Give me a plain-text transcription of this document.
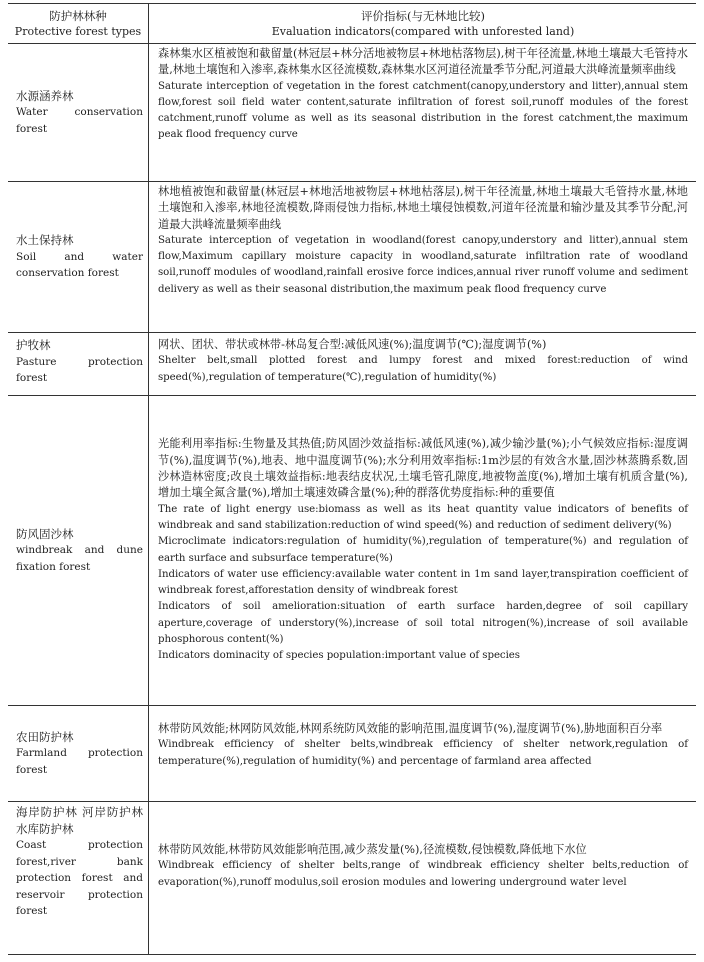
防护林林种
Protective forest types
评价指标(与无林地比较)
Evaluation indicators(compared with unforested land)
水源涵养林
Water conservation forest
森林集水区植被饱和截留量(林冠层+林分活地被物层+林地枯落物层),树干年径流量,林地土壤最大毛管持水量,林地土壤饱和入渗率,森林集水区径流模数,森林集水区河道径流量季节分配,河道最大洪峰流量频率曲线
Saturate interception of vegetation in the forest catchment(canopy,understory and litter),annual stem flow,forest soil field water content,saturate infiltration of forest soil,runoff modules of the forest catchment,runoff volume as well as its seasonal distribution in the forest catchment,the maximum peak flood frequency curve
水土保持林
Soil and water conservation forest
林地植被饱和截留量(林冠层+林地活地被物层+林地枯落层),树干年径流量,林地土壤最大毛管持水量,林地土壤饱和入渗率,林地径流模数,降雨侵蚀力指标,林地土壤侵蚀模数,河道年径流量和输沙量及其季节分配,河道最大洪峰流量频率曲线
Saturate interception of vegetation in woodland(forest canopy,understory and litter),annual stem flow,Maximum capillary moisture capacity in woodland,saturate infiltration rate of woodland soil,runoff modules of woodland,rainfall erosive force indices,annual river runoff volume and sediment delivery as well as their seasonal distribution,the maximum peak flood frequency curve
护牧林
Pasture protection forest
网状、团状、带状或林带-林岛复合型:减低风速(%);温度调节(℃);湿度调节(%)
Shelter belt,small plotted forest and lumpy forest and mixed forest:reduction of wind speed(%),regulation of temperature(℃),regulation of humidity(%)
防风固沙林
windbreak and dune fixation forest
光能利用率指标:生物量及其热值;防风固沙效益指标:减低风速(%),减少输沙量(%);小气候效应指标:湿度调节(%),温度调节(%),地表、地中温度调节(%);水分利用效率指标:1m沙层的有效含水量,固沙林蒸腾系数,固沙林造林密度;改良土壤效益指标:地表结皮状况,土壤毛管孔隙度,地被物盖度(%),增加土壤有机质含量(%),增加土壤全氮含量(%),增加土壤速效磷含量(%);种的群落优势度指标:种的重要值
The rate of light energy use:biomass as well as its heat quantity value indicators of benefits of windbreak and sand stabilization:reduction of wind speed(%) and reduction of sediment delivery(%)
Microclimate indicators:regulation of humidity(%),regulation of temperature(%) and regulation of earth surface and subsurface temperature(%)
Indicators of water use efficiency:available water content in 1m sand layer,transpiration coefficient of windbreak forest,afforestation density of windbreak forest
Indicators of soil amelioration:situation of earth surface harden,degree of soil capillary aperture,coverage of understory(%),increase of soil total nitrogen(%),increase of soil available phosphorous content(%)
Indicators dominacity of species population:important value of species
农田防护林
Farmland protection forest
林带防风效能;林网防风效能,林网系统防风效能的影响范围,温度调节(%),湿度调节(%),胁地面积百分率
Windbreak efficiency of shelter belts,windbreak efficiency of shelter network,regulation of temperature(%),regulation of humidity(%) and percentage of farmland area affected
海岸防护林 河岸防护林 水库防护林
Coast protection forest,river bank protection forest and reservoir protection forest
林带防风效能,林带防风效能影响范围,减少蒸发量(%),径流模数,侵蚀模数,降低地下水位
Windbreak efficiency of shelter belts,range of windbreak efficiency shelter belts,reduction of evaporation(%),runoff modulus,soil erosion modules and lowering underground water level
